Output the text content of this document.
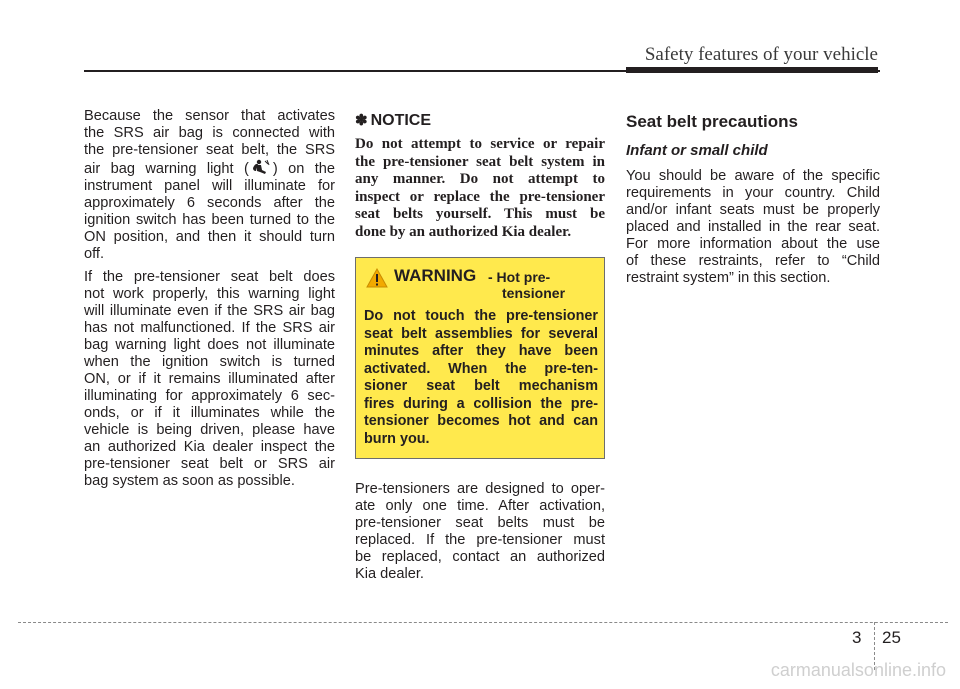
Safety features of your vehicle
Because the sensor that activates
the SRS air bag is connected with
the pre-tensioner seat belt, the SRS
air bag warning light ( ) on the
instrument panel will illuminate for
approximately 6 seconds after the
ignition switch has been turned to the
ON position, and then it should turn
off.
If the pre-tensioner seat belt does
not work properly, this warning light
will illuminate even if the SRS air bag
has not malfunctioned. If the SRS air
bag warning light does not illuminate
when the ignition switch is turned
ON, or if it remains illuminated after
illuminating for approximately 6 sec-
onds, or if it illuminates while the
vehicle is being driven, please have
an authorized Kia dealer inspect the
pre-tensioner seat belt or SRS air
bag system as soon as possible.
✽ NOTICE
Do not attempt to service or repair
the pre-tensioner seat belt system in
any manner. Do not attempt to
inspect or replace the pre-tensioner
seat belts yourself. This must be
done by an authorized Kia dealer.
WARNING - Hot pre-
tensioner
Do not touch the pre-tensioner
seat belt assemblies for several
minutes after they have been
activated. When the pre-ten-
sioner seat belt mechanism
fires during a collision the pre-
tensioner becomes hot and can
burn you.
Pre-tensioners are designed to oper-
ate only one time. After activation,
pre-tensioner seat belts must be
replaced. If the pre-tensioner must
be replaced, contact an authorized
Kia dealer.
Seat belt precautions
Infant or small child
You should be aware of the specific
requirements in your country. Child
and/or infant seats must be properly
placed and installed in the rear seat.
For more information about the use
of these restraints, refer to “Child
restraint system” in this section.
3 25
carmanualsonline.info
